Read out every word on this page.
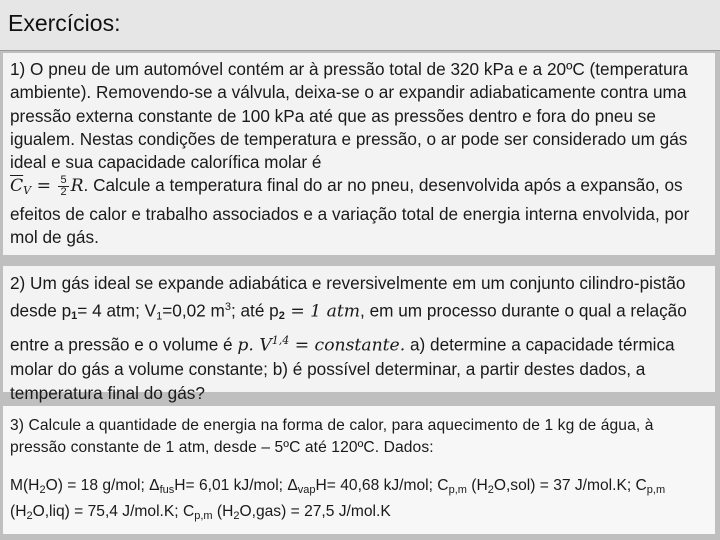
Exercícios:

1) O pneu de um automóvel contém ar à pressão total de 320 kPa e a 20ºC (temperatura ambiente). Removendo-se a válvula, deixa-se o ar expandir adiabaticamente contra uma pressão externa constante de 100 kPa até que as pressões dentro e fora do pneu se igualem. Nestas condições de temperatura e pressão, o ar pode ser considerado um gás ideal e sua capacidade calorífica molar é
$\overline{C}_V = \frac{5}{2} R$. Calcule a temperatura final do ar no pneu, desenvolvida após a expansão, os efeitos de calor e trabalho associados e a variação total de energia interna envolvida, por mol de gás.

2) Um gás ideal se expande adiabática e reversivelmente em um conjunto cilindro-pistão desde $p_1= 4$ atm; $V_1=0,02$ $m^3$; até $p_2 = 1$ atm, em um processo durante o qual a relação entre a pressão e o volume é p. V$^{1,4}$ = constante. a) determine a capacidade térmica molar do gás a volume constante; b) é possível determinar, a partir destes dados, a temperatura final do gás?

3) Calcule a quantidade de energia na forma de calor, para aquecimento de 1 kg de água, à pressão constante de 1 atm, desde – 5ºC até 120ºC. Dados:

$M(H_2O) = 18$ g/mol; $\Delta_{fus}H= 6,01$ kJ/mol; $\Delta_{vap}H= 40,68$ kJ/mol; $C_{p,m}$ $(H_2O,sol) = 37$ J/mol.K; $C_{p,m}$ $(H_2O,liq) = 75,4$ J/mol.K; $C_{p,m}$ $(H_2O,gas) = 27,5$ J/mol.K
